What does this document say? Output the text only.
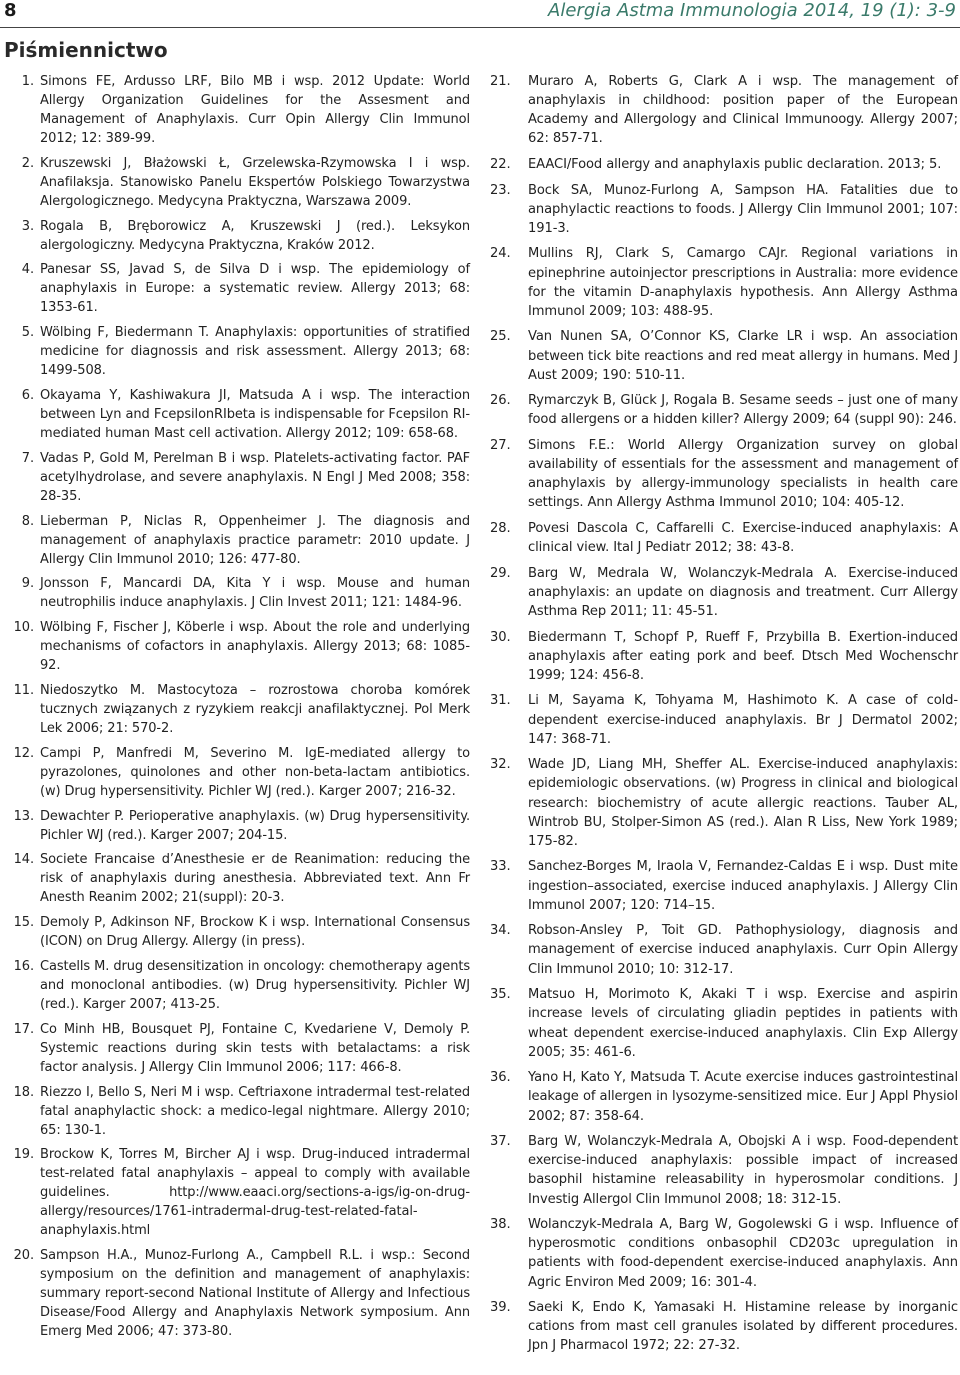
8	Alergia Astma Immunologia 2014, 19 (1): 3-9
Piśmiennictwo
1. Simons FE, Ardusso LRF, Bilo MB i wsp. 2012 Update: World Allergy Organization Guidelines for the Assesment and Management of Anaphylaxis. Curr Opin Allergy Clin Immunol 2012; 12: 389-99.
2. Kruszewski J, Błażowski Ł, Grzelewska-Rzymowska I i wsp. Anafilaksja. Stanowisko Panelu Ekspertów Polskiego Towarzystwa Alergologicznego. Medycyna Praktyczna, Warszawa 2009.
3. Rogala B, Bręborowicz A, Kruszewski J (red.). Leksykon alergologiczny. Medycyna Praktyczna, Kraków 2012.
4. Panesar SS, Javad S, de Silva D i wsp. The epidemiology of anaphylaxis in Europe: a systematic review. Allergy 2013; 68: 1353-61.
5. Wölbing F, Biedermann T. Anaphylaxis: opportunities of stratified medicine for diagnossis and risk assessment. Allergy 2013; 68: 1499-508.
6. Okayama Y, Kashiwakura JI, Matsuda A i wsp. The interaction between Lyn and FcepsilonRIbeta is indispensable for Fcepsilon RI-mediated human Mast cell activation. Allergy 2012; 109: 658-68.
7. Vadas P, Gold M, Perelman B i wsp. Platelets-activating factor. PAF acetylhydrolase, and severe anaphylaxis. N Engl J Med 2008; 358: 28-35.
8. Lieberman P, Niclas R, Oppenheimer J. The diagnosis and management of anaphylaxis practice parametr: 2010 update. J Allergy Clin Immunol 2010; 126: 477-80.
9. Jonsson F, Mancardi DA, Kita Y i wsp. Mouse and human neutrophilis induce anaphylaxis. J Clin Invest 2011; 121: 1484-96.
10. Wölbing F, Fischer J, Köberle i wsp. About the role and underlying mechanisms of cofactors in anaphylaxis. Allergy 2013; 68: 1085-92.
11. Niedoszytko M. Mastocytoza – rozrostowa choroba komórek tucznych związanych z ryzykiem reakcji anafilaktycznej. Pol Merk Lek 2006; 21: 570-2.
12. Campi P, Manfredi M, Severino M. IgE-mediated allergy to pyrazolones, quinolones and other non-beta-lactam antibiotics. (w) Drug hypersensitivity. Pichler WJ (red.). Karger 2007; 216-32.
13. Dewachter P. Perioperative anaphylaxis. (w) Drug hypersensitivity. Pichler WJ (red.). Karger 2007; 204-15.
14. Societe Francaise d’Anesthesie er de Reanimation: reducing the risk of anaphylaxis during anesthesia. Abbreviated text. Ann Fr Anesth Reanim 2002; 21(suppl): 20-3.
15. Demoly P, Adkinson NF, Brockow K i wsp. International Consensus (ICON) on Drug Allergy. Allergy (in press).
16. Castells M. drug desensitization in oncology: chemotherapy agents and monoclonal antibodies. (w) Drug hypersensitivity. Pichler WJ (red.). Karger 2007; 413-25.
17. Co Minh HB, Bousquet PJ, Fontaine C, Kvedariene V, Demoly P. Systemic reactions during skin tests with betalactams: a risk factor analysis. J Allergy Clin Immunol 2006; 117: 466-8.
18. Riezzo I, Bello S, Neri M i wsp. Ceftriaxone intradermal test-related fatal anaphylactic shock: a medico-legal nightmare. Allergy 2010; 65: 130-1.
19. Brockow K, Torres M, Bircher AJ i wsp. Drug-induced intradermal test-related fatal anaphylaxis – appeal to comply with available guidelines. http://www.eaaci.org/sections-a-igs/ig-on-drug-allergy/resources/1761-intradermal-drug-test-related-fatal-anaphylaxis.html
20. Sampson H.A., Munoz-Furlong A., Campbell R.L. i wsp.: Second symposium on the definition and management of anaphylaxis: summary report-second National Institute of Allergy and Infectious Disease/Food Allergy and Anaphylaxis Network symposium. Ann Emerg Med 2006; 47: 373-80.
21. Muraro A, Roberts G, Clark A i wsp. The management of anaphylaxis in childhood: position paper of the European Academy and Allergology and Clinical Immunoogy. Allergy 2007; 62: 857-71.
22. EAACI/Food allergy and anaphylaxis public declaration. 2013; 5.
23. Bock SA, Munoz-Furlong A, Sampson HA. Fatalities due to anaphylactic reactions to foods. J Allergy Clin Immunol 2001; 107: 191-3.
24. Mullins RJ, Clark S, Camargo CAJr. Regional variations in epinephrine autoinjector prescriptions in Australia: more evidence for the vitamin D-anaphylaxis hypothesis. Ann Allergy Asthma Immunol 2009; 103: 488-95.
25. Van Nunen SA, O’Connor KS, Clarke LR i wsp. An association between tick bite reactions and red meat allergy in humans. Med J Aust 2009; 190: 510-11.
26. Rymarczyk B, Glück J, Rogala B. Sesame seeds – just one of many food allergens or a hidden killer? Allergy 2009; 64 (suppl 90): 246.
27. Simons F.E.: World Allergy Organization survey on global availability of essentials for the assessment and management of anaphylaxis by allergy-immunology specialists in health care settings. Ann Allergy Asthma Immunol 2010; 104: 405-12.
28. Povesi Dascola C, Caffarelli C. Exercise-induced anaphylaxis: A clinical view. Ital J Pediatr 2012; 38: 43-8.
29. Barg W, Medrala W, Wolanczyk-Medrala A. Exercise-induced anaphylaxis: an update on diagnosis and treatment. Curr Allergy Asthma Rep 2011; 11: 45-51.
30. Biedermann T, Schopf P, Rueff F, Przybilla B. Exertion-induced anaphylaxis after eating pork and beef. Dtsch Med Wochenschr 1999; 124: 456-8.
31. Li M, Sayama K, Tohyama M, Hashimoto K. A case of cold-dependent exercise-induced anaphylaxis. Br J Dermatol 2002; 147: 368-71.
32. Wade JD, Liang MH, Sheffer AL. Exercise-induced anaphylaxis: epidemiologic observations. (w) Progress in clinical and biological research: biochemistry of acute allergic reactions. Tauber AL, Wintrob BU, Stolper-Simon AS (red.). Alan R Liss, New York 1989; 175-82.
33. Sanchez-Borges M, Iraola V, Fernandez-Caldas E i wsp. Dust mite ingestion–associated, exercise induced anaphylaxis. J Allergy Clin Immunol 2007; 120: 714–15.
34. Robson-Ansley P, Toit GD. Pathophysiology, diagnosis and management of exercise induced anaphylaxis. Curr Opin Allergy Clin Immunol 2010; 10: 312-17.
35. Matsuo H, Morimoto K, Akaki T i wsp. Exercise and aspirin increase levels of circulating gliadin peptides in patients with wheat dependent exercise-induced anaphylaxis. Clin Exp Allergy 2005; 35: 461-6.
36. Yano H, Kato Y, Matsuda T. Acute exercise induces gastrointestinal leakage of allergen in lysozyme-sensitized mice. Eur J Appl Physiol 2002; 87: 358-64.
37. Barg W, Wolanczyk-Medrala A, Obojski A i wsp. Food-dependent exercise-induced anaphylaxis: possible impact of increased basophil histamine releasability in hyperosmolar conditions. J Investig Allergol Clin Immunol 2008; 18: 312-15.
38. Wolanczyk-Medrala A, Barg W, Gogolewski G i wsp. Influence of hyperosmotic conditions onbasophil CD203c upregulation in patients with food-dependent exercise-induced anaphylaxis. Ann Agric Environ Med 2009; 16: 301-4.
39. Saeki K, Endo K, Yamasaki H. Histamine release by inorganic cations from mast cell granules isolated by different procedures. Jpn J Pharmacol 1972; 22: 27-32.
